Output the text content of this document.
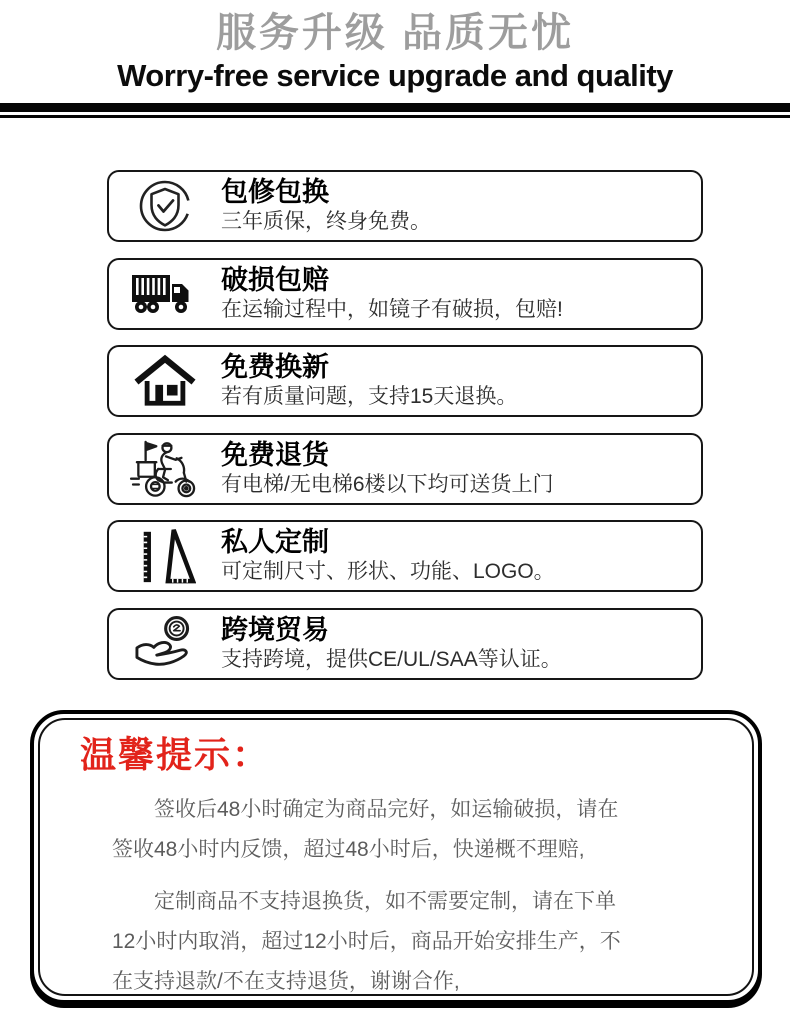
服务升级 品质无忧
Worry-free service upgrade and quality
包修包换
三年质保，终身免费。
破损包赔
在运输过程中，如镜子有破损，包赔!
免费换新
若有质量问题，支持15天退换。
免费退货
有电梯/无电梯6楼以下均可送货上门
私人定制
可定制尺寸、形状、功能、LOGO。
跨境贸易
支持跨境，提供CE/UL/SAA等认证。
温馨提示：

签收后48小时确定为商品完好，如运输破损，请在签收48小时内反馈，超过48小时后，快递概不理赔,

定制商品不支持退换货，如不需要定制，请在下单12小时内取消，超过12小时后，商品开始安排生产，不在支持退款/不在支持退货，谢谢合作,
